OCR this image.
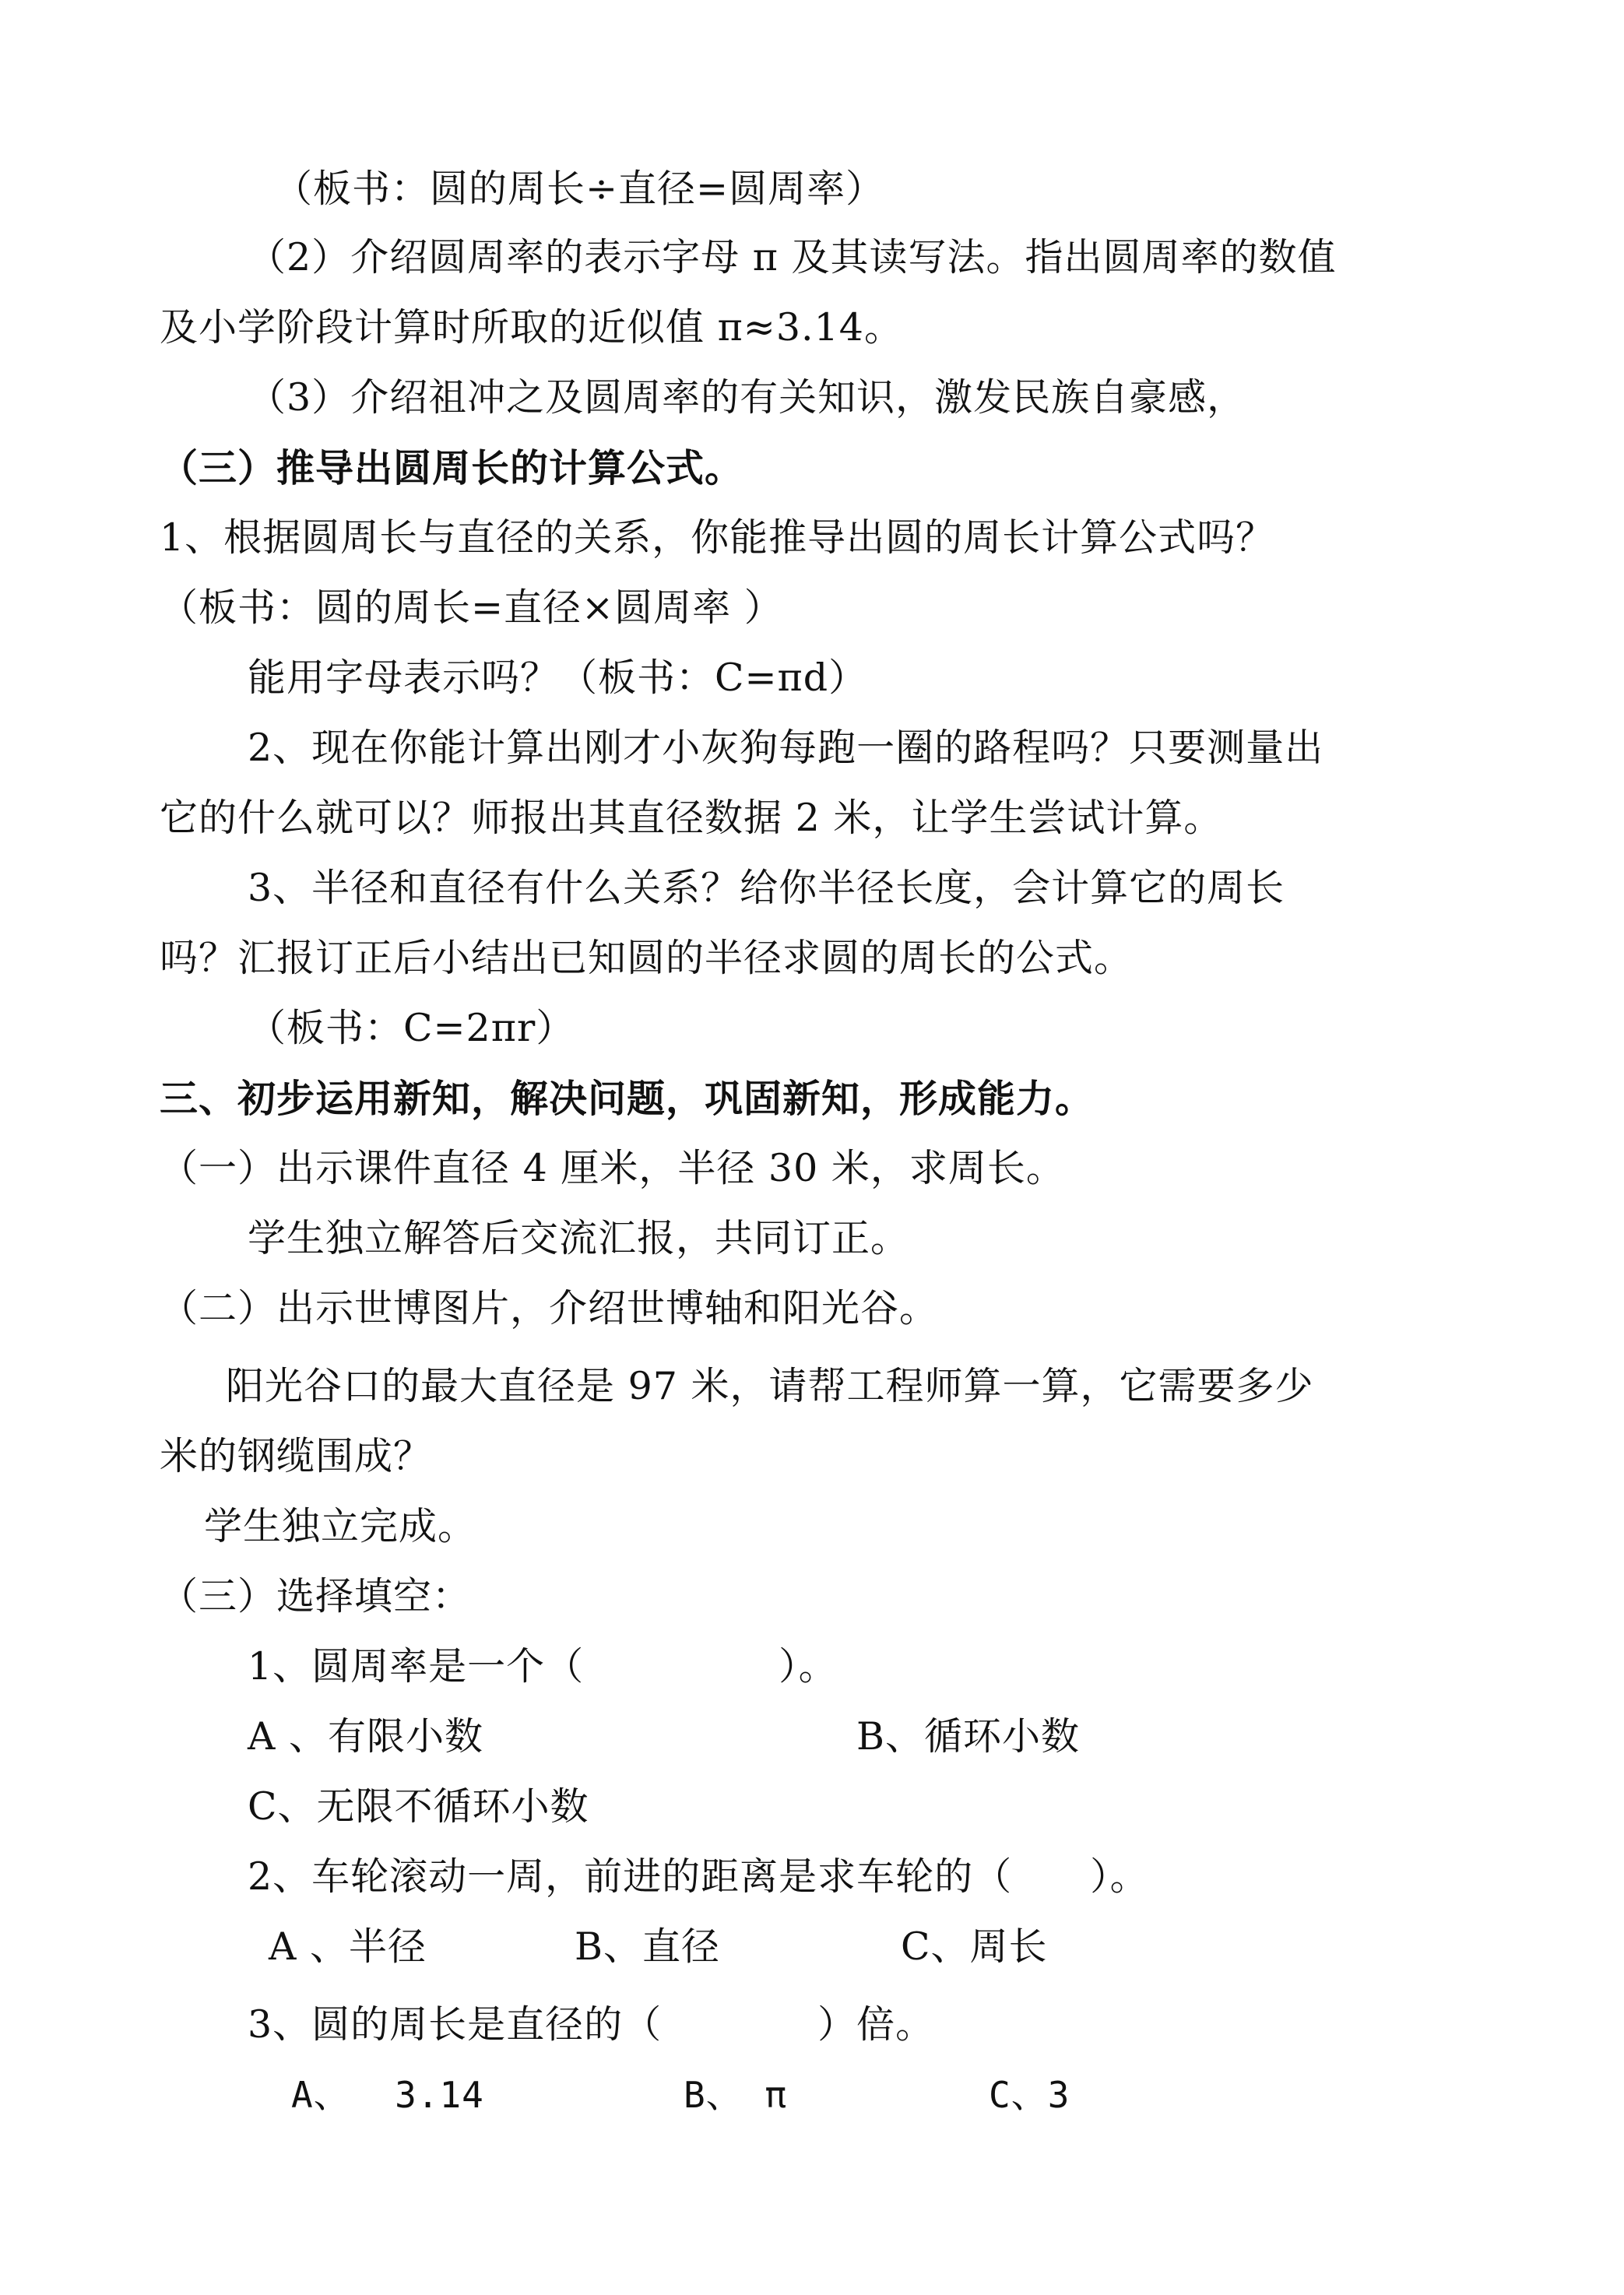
（板书：圆的周长÷直径=圆周率）
（2）介绍圆周率的表示字母 π 及其读写法。指出圆周率的数值
及小学阶段计算时所取的近似值 π≈3.14。
（3）介绍祖冲之及圆周率的有关知识，激发民族自豪感，
（三）推导出圆周长的计算公式。
1、根据圆周长与直径的关系，你能推导出圆的周长计算公式吗？
（板书：圆的周长=直径×圆周率 ）
能用字母表示吗？（板书：C=πd）
2、现在你能计算出刚才小灰狗每跑一圈的路程吗？只要测量出
它的什么就可以？师报出其直径数据 2 米，让学生尝试计算。
3、半径和直径有什么关系？给你半径长度，会计算它的周长
吗？汇报订正后小结出已知圆的半径求圆的周长的公式。
（板书：C=2πr）
三、初步运用新知，解决问题，巩固新知，形成能力。
（一）出示课件直径 4 厘米，半径 30 米，求周长。
学生独立解答后交流汇报，共同订正。
（二）出示世博图片，介绍世博轴和阳光谷。
阳光谷口的最大直径是 97 米，请帮工程师算一算，它需要多少
米的钢缆围成？
学生独立完成。
（三）选择填空：
1、圆周率是一个（　　　　　）。
A 、有限小数	B、循环小数
C、无限不循环小数
2、车轮滚动一周，前进的距离是求车轮的（　　）。
A 、半径	B、直径	C、周长
3、圆的周长是直径的（　　　　）倍。
A、  3.14	B、 π	C、3
